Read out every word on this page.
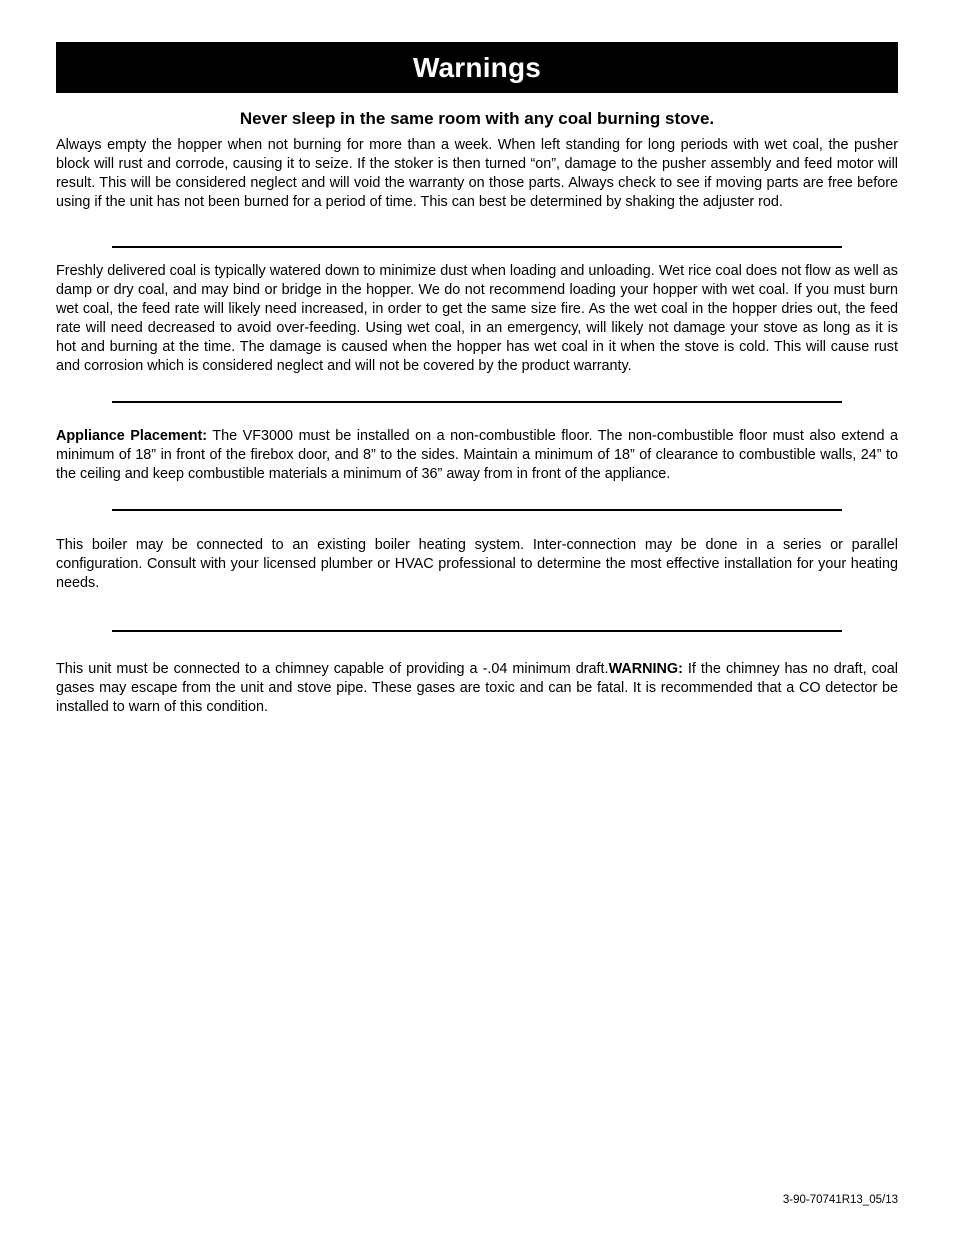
Warnings
Never sleep in the same room with any coal burning stove.

Always empty the hopper when not burning for more than a week. When left standing for long periods with wet coal, the pusher block will rust and corrode, causing it to seize. If the stoker is then turned “on”, damage to the pusher assembly and feed motor will result. This will be considered neglect and will void the warranty on those parts. Always check to see if moving parts are free before using if the unit has not been burned for a period of time. This can best be determined by shaking the adjuster rod.

Freshly delivered coal is typically watered down to minimize dust when loading and unloading. Wet rice coal does not flow as well as damp or dry coal, and may bind or bridge in the hopper. We do not recommend loading your hopper with wet coal. If you must burn wet coal, the feed rate will likely need increased, in order to get the same size fire. As the wet coal in the hopper dries out, the feed rate will need decreased to avoid over-feeding. Using wet coal, in an emergency, will likely not damage your stove as long as it is hot and burning at the time. The damage is caused when the hopper has wet coal in it when the stove is cold. This will cause rust and corrosion which is considered neglect and will not be covered by the product warranty.

Appliance Placement: The VF3000 must be installed on a non-combustible floor. The non-combustible floor must also extend a minimum of 18” in front of the firebox door, and 8” to the sides. Maintain a minimum of 18” of clearance to combustible walls, 24” to the ceiling and keep combustible materials a minimum of 36” away from in front of the appliance.

This boiler may be connected to an existing boiler heating system. Inter-connection may be done in a series or parallel configuration. Consult with your licensed plumber or HVAC professional to determine the most effective installation for your heating needs.

This unit must be connected to a chimney capable of providing a -.04 minimum draft.WARNING: If the chimney has no draft, coal gases may escape from the unit and stove pipe. These gases are toxic and can be fatal. It is recommended that a CO detector be installed to warn of this condition.

3-90-70741R13_05/13
